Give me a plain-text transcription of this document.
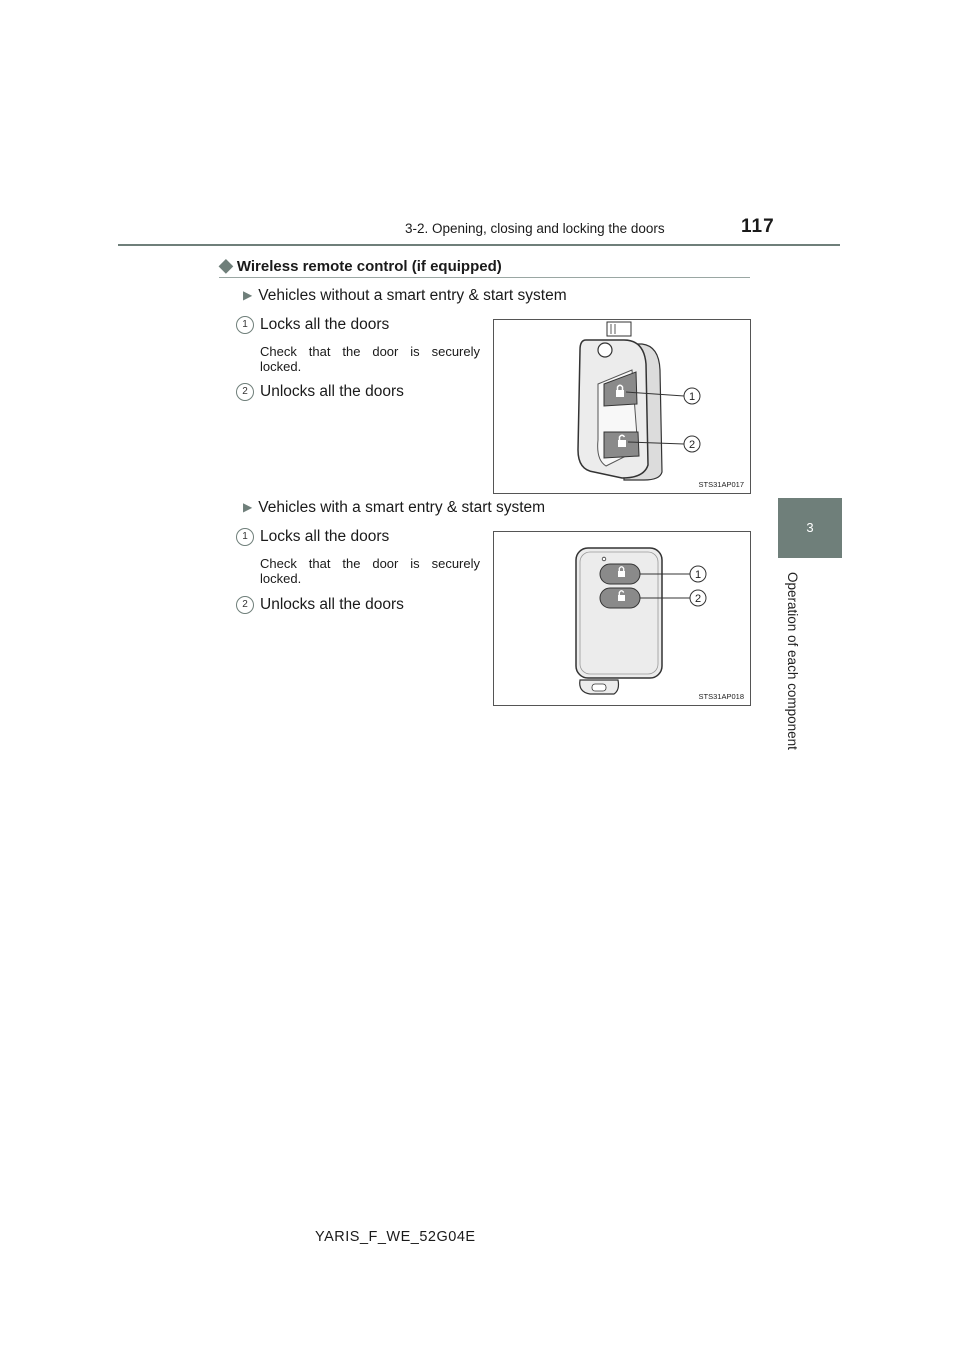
3-2. Opening, closing and locking the doors	117
3
Operation of each component
◆ Wireless remote control (if equipped)
▶ Vehicles without a smart entry & start system
1 Locks all the doors
Check that the door is securely locked.
2 Unlocks all the doors	1
2
STS31AP017
▶ Vehicles with a smart entry & start system
1 Locks all the doors
Check that the door is securely locked.
2 Unlocks all the doors
1
2
STS31AP018
YARIS_F_WE_52G04E
